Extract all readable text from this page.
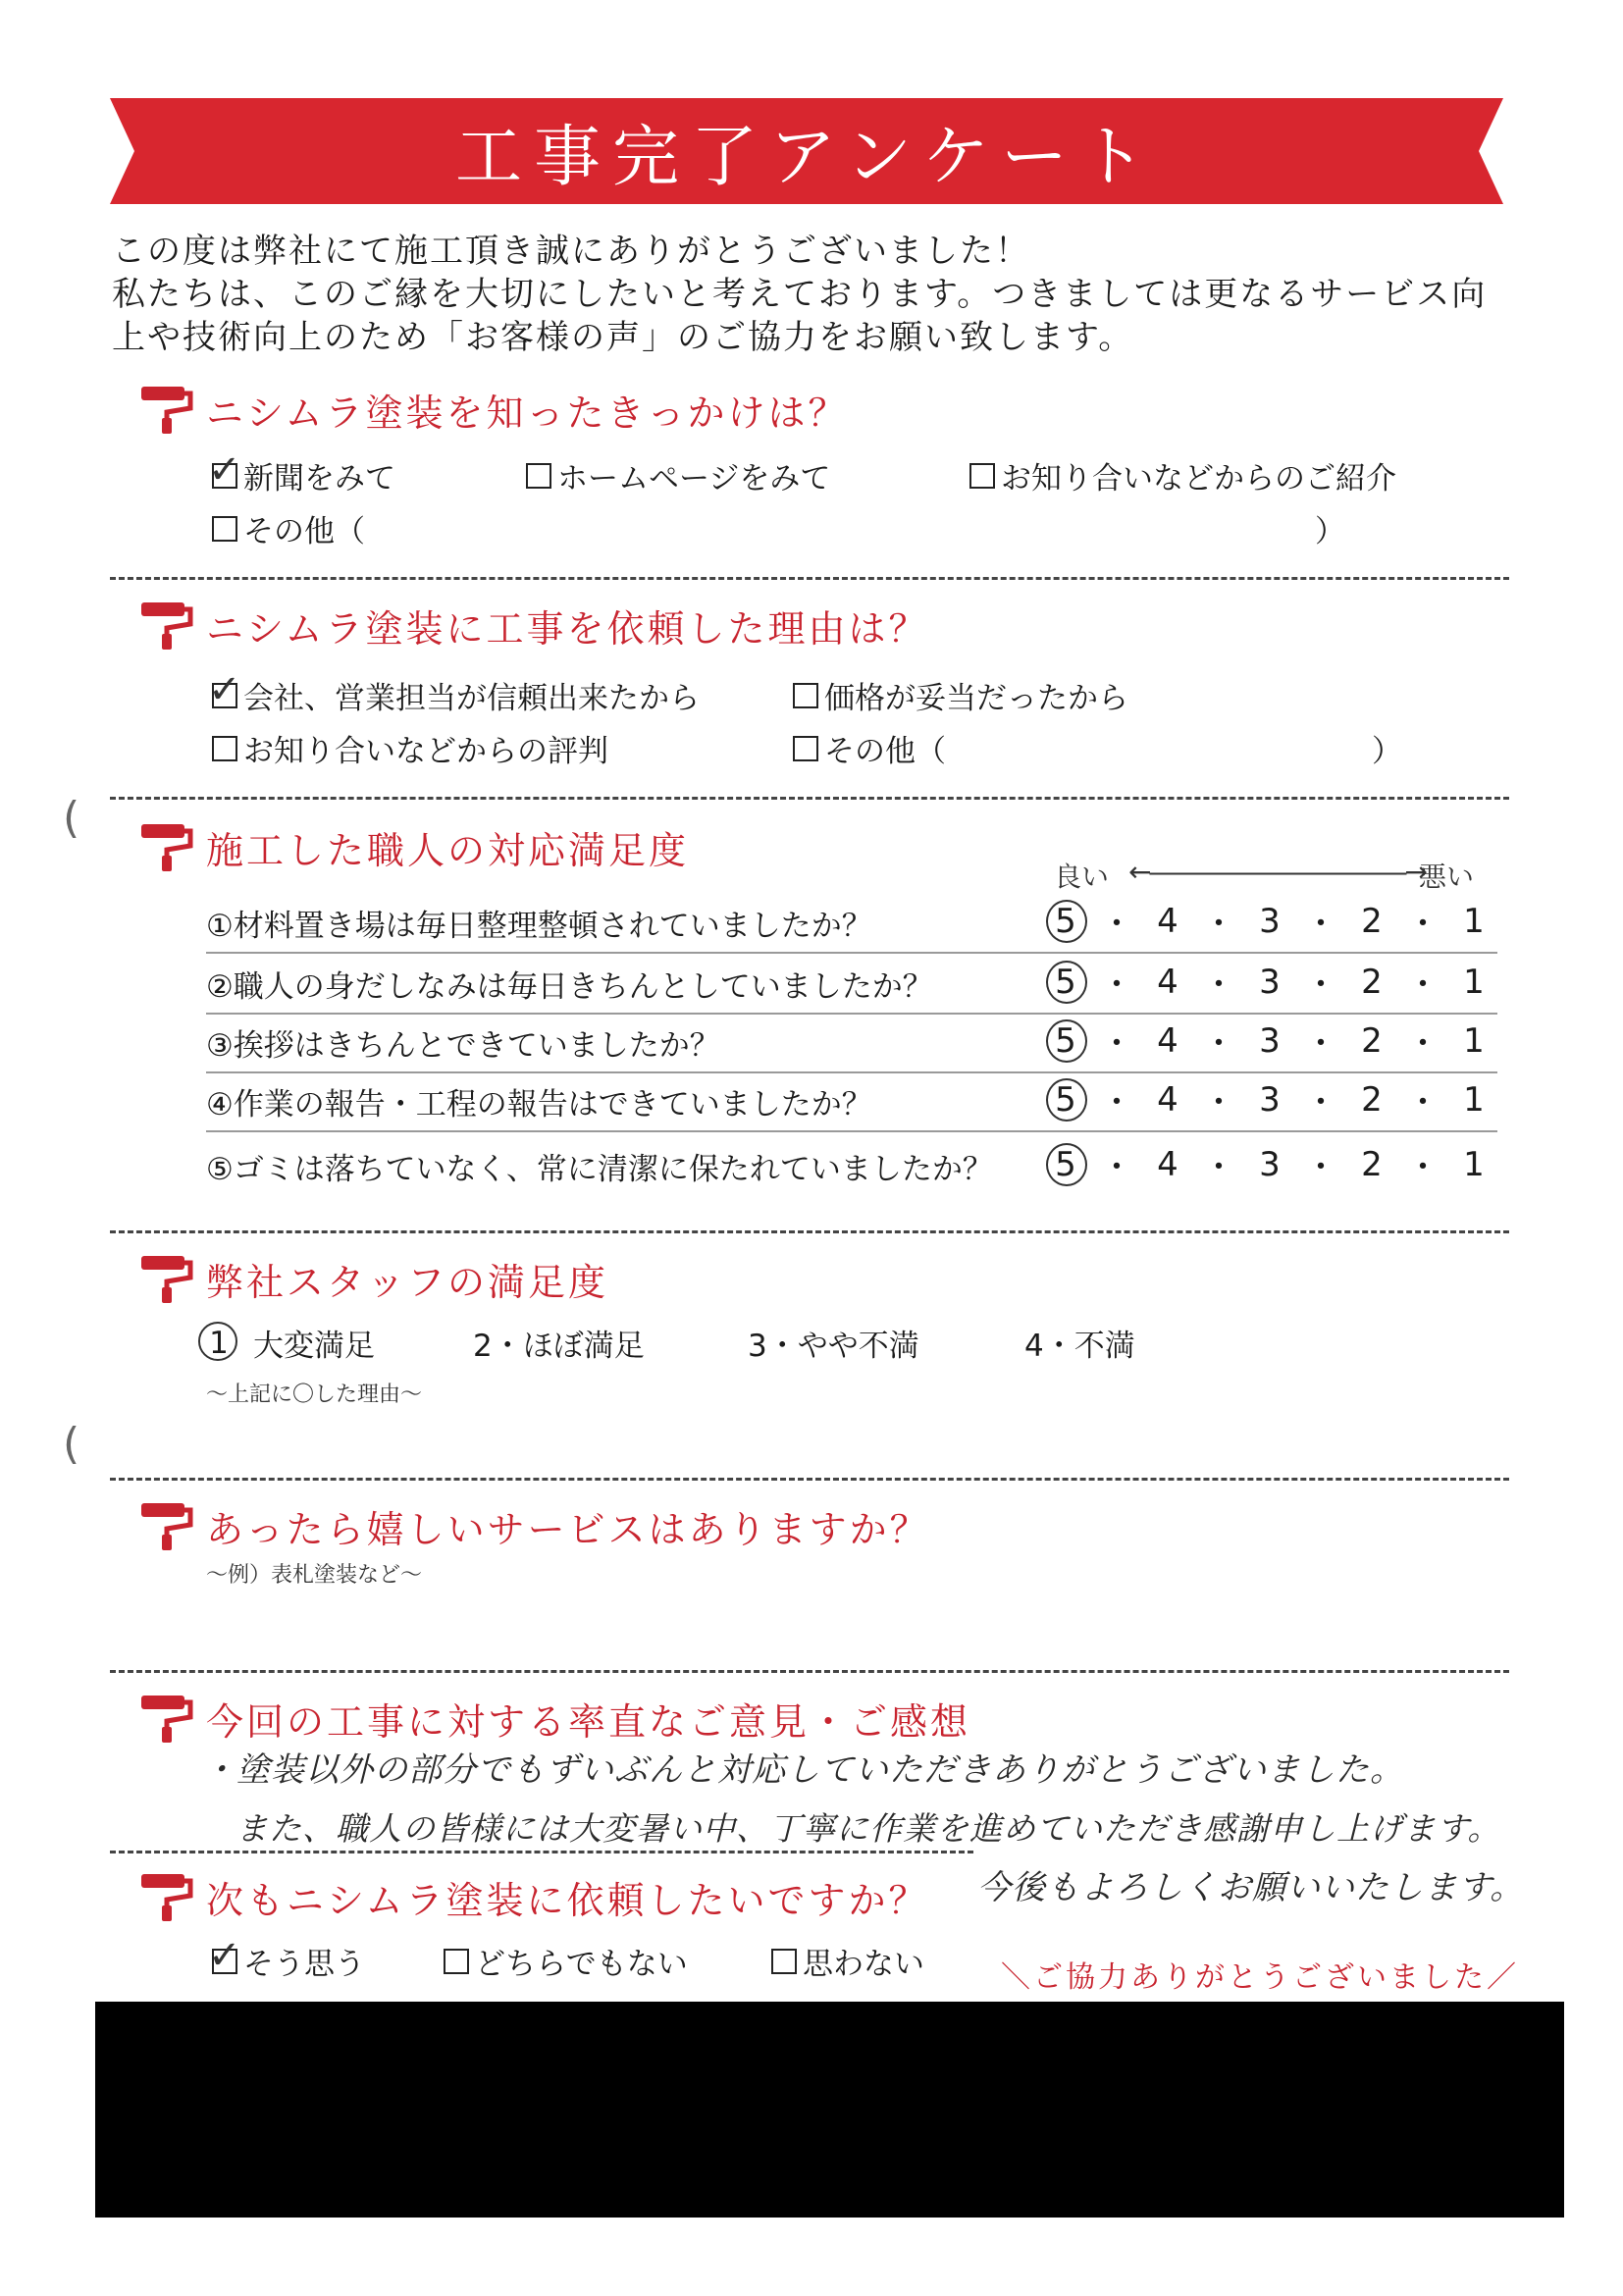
工事完了アンケート
この度は弊社にて施工頂き誠にありがとうございました！
私たちは、このご縁を大切にしたいと考えております。つきましては更なるサービス向
上や技術向上のため「お客様の声」のご協力をお願い致します。
ニシムラ塗装を知ったきっかけは？
✓ 新聞をみて	ホームページをみて	お知り合いなどからのご紹介
その他（	）
ニシムラ塗装に工事を依頼した理由は？
✓ 会社、営業担当が信頼出来たから	価格が妥当だったから
お知り合いなどからの評判	その他（	）
(
施工した職人の対応満足度
良い ←――――――――――→
悪い
①材料置き場は毎日整理整頓されていましたか？	5 ・ 4 ・ 3 ・ 2 ・ 1
②職人の身だしなみは毎日きちんとしていましたか？	5 ・ 4 ・ 3 ・ 2 ・ 1
③挨拶はきちんとできていましたか？	5 ・ 4 ・ 3 ・ 2 ・ 1
④作業の報告・工程の報告はできていましたか？	5 ・ 4 ・ 3 ・ 2 ・ 1
⑤ゴミは落ちていなく、常に清潔に保たれていましたか？	5 ・ 4 ・ 3 ・ 2 ・ 1
弊社スタッフの満足度
1 大変満足	2・ほぼ満足	3・やや不満	4・不満
～上記に〇した理由～
(
あったら嬉しいサービスはありますか？
～例）表札塗装など～
今回の工事に対する率直なご意見・ご感想
・塗装以外の部分でもずいぶんと対応していただきありがとうございました。
また、職人の皆様には大変暑い中、丁寧に作業を進めていただき感謝申し上げます。
今後もよろしくお願いいたします。
次もニシムラ塗装に依頼したいですか？
✓ そう思う	どちらでもない	思わない	＼ご協力ありがとうございました／
